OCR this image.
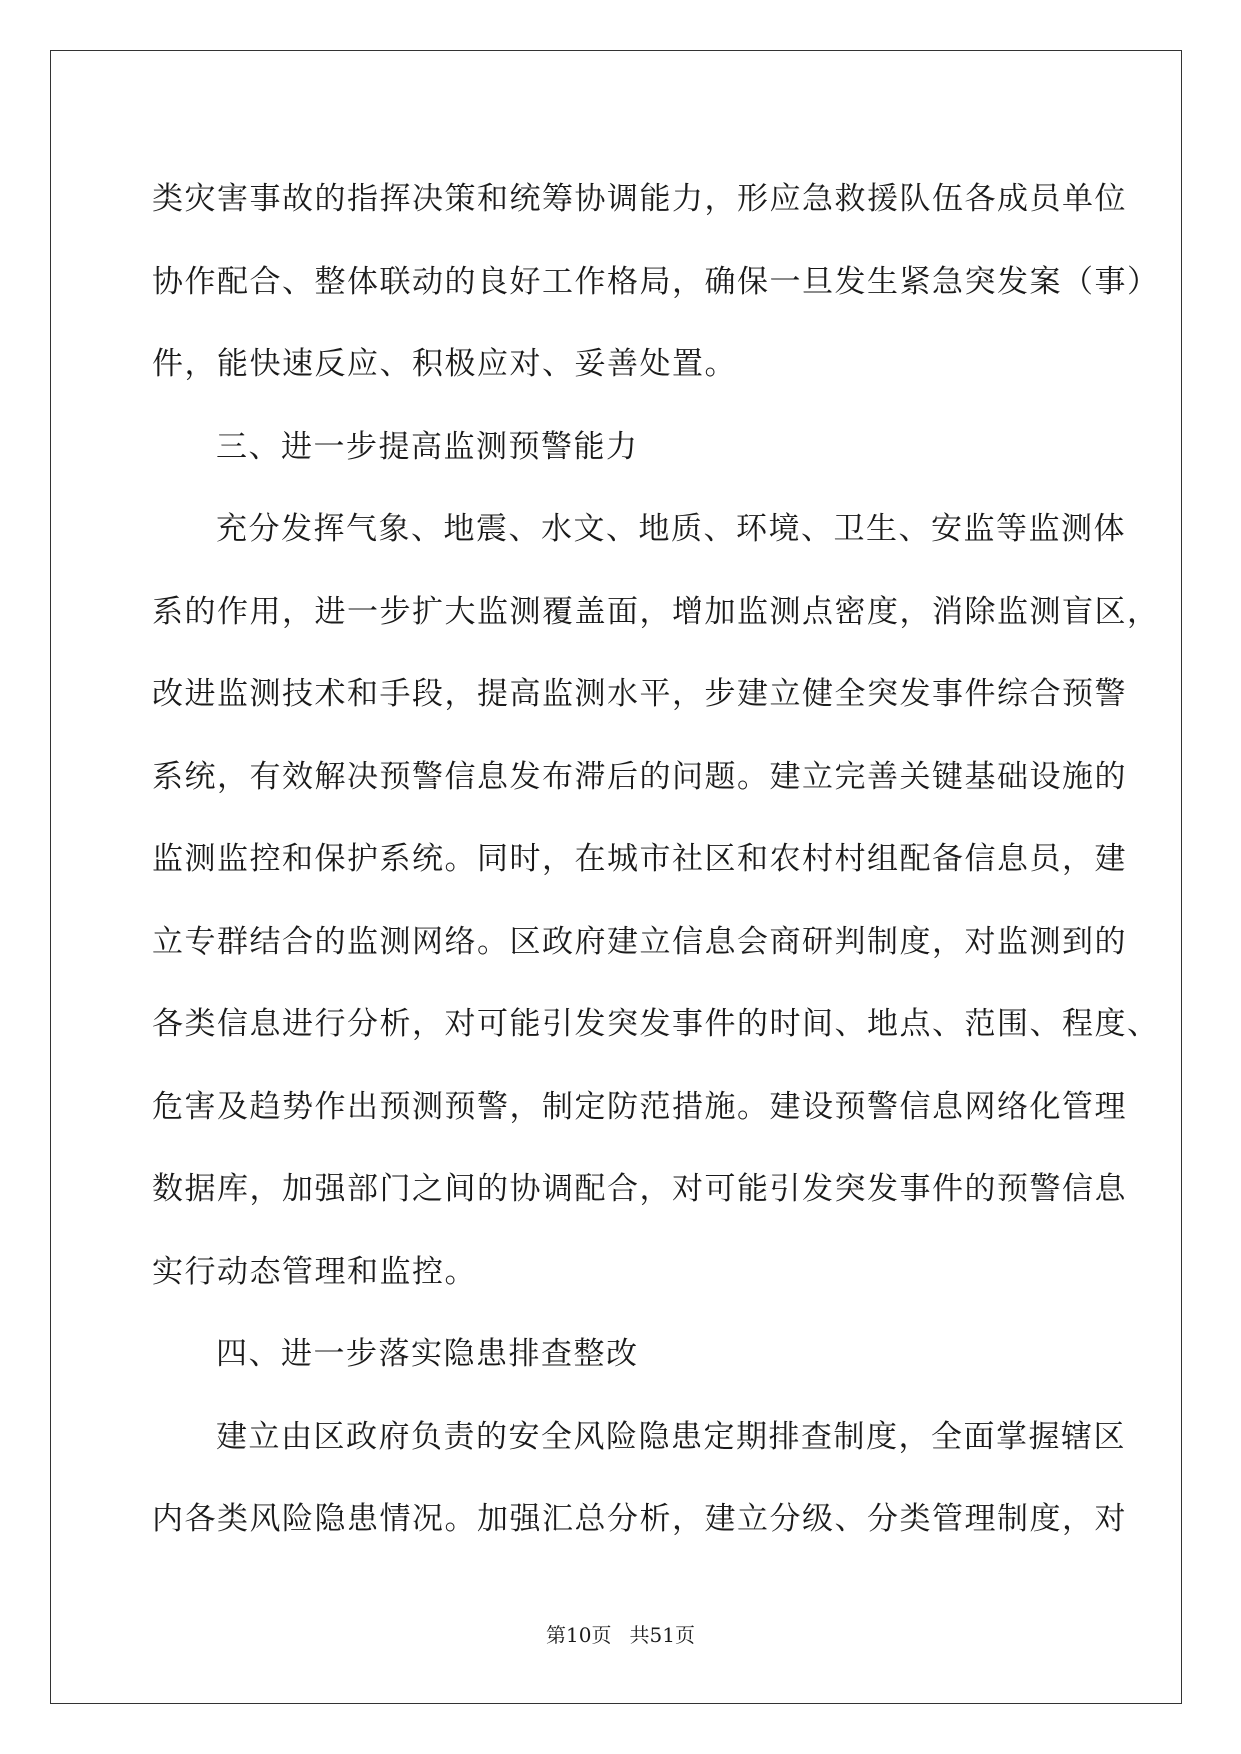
类灾害事故的指挥决策和统筹协调能力，形应急救援队伍各成员单位
协作配合、整体联动的良好工作格局，确保一旦发生紧急突发案（事）
件，能快速反应、积极应对、妥善处置。
三、进一步提高监测预警能力
充分发挥气象、地震、水文、地质、环境、卫生、安监等监测体
系的作用，进一步扩大监测覆盖面，增加监测点密度，消除监测盲区，
改进监测技术和手段，提高监测水平，步建立健全突发事件综合预警
系统，有效解决预警信息发布滞后的问题。建立完善关键基础设施的
监测监控和保护系统。同时，在城市社区和农村村组配备信息员，建
立专群结合的监测网络。区政府建立信息会商研判制度，对监测到的
各类信息进行分析，对可能引发突发事件的时间、地点、范围、程度、
危害及趋势作出预测预警，制定防范措施。建设预警信息网络化管理
数据库，加强部门之间的协调配合，对可能引发突发事件的预警信息
实行动态管理和监控。
四、进一步落实隐患排查整改
建立由区政府负责的安全风险隐患定期排查制度，全面掌握辖区
内各类风险隐患情况。加强汇总分析，建立分级、分类管理制度，对
第10页 共51页
